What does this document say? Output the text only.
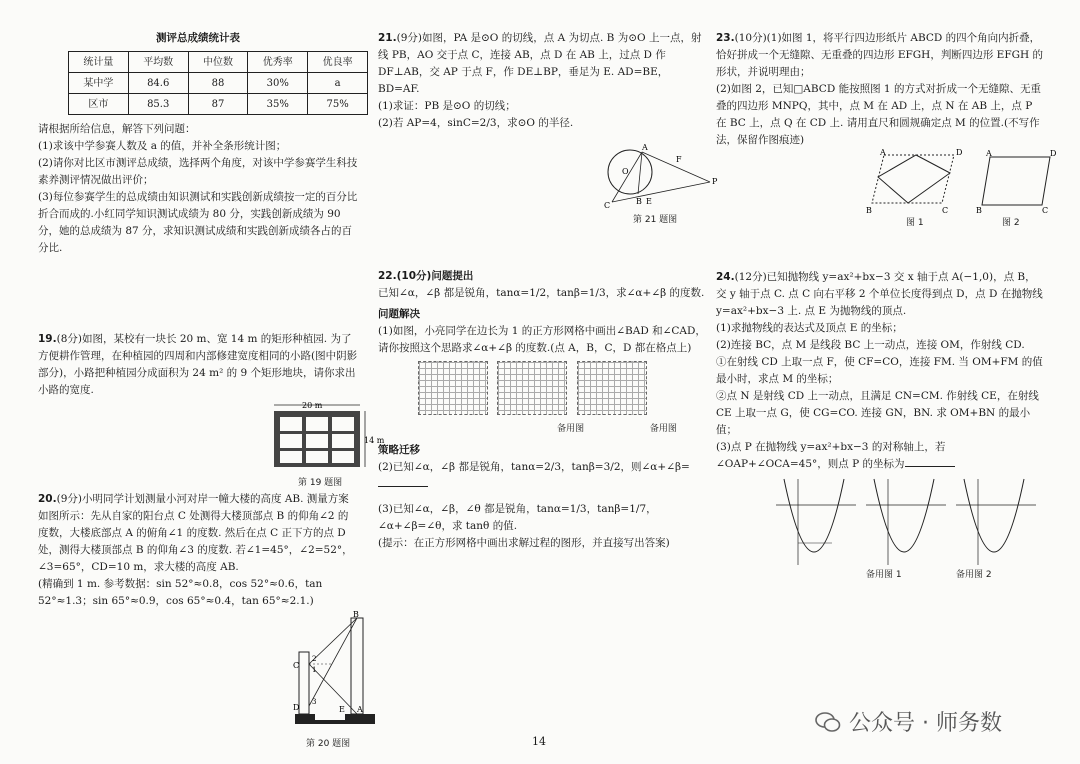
测评总成绩统计表
统计量	平均数	中位数	优秀率	优良率
某中学	84.6	88	30%	a
区市	85.3	87	35%	75%

请根据所给信息，解答下列问题：

(1)求该中学参赛人数及 a 的值，并补全条形统计图；

(2)请你对比区市测评总成绩，选择两个角度，对该中学参赛学生科技素养测评情况做出评价；

(3)每位参赛学生的总成绩由知识测试和实践创新成绩按一定的百分比折合而成的.小红同学知识测试成绩为 80 分，实践创新成绩为 90 分，她的总成绩为 87 分，求知识测试成绩和实践创新成绩各占的百分比.

19.(8分)如图，某校有一块长 20 m、宽 14 m 的矩形种植园. 为了方便耕作管理，在种植园的四周和内部修建宽度相同的小路(图中阴影部分)，小路把种植园分成面积为 24 m² 的 9 个矩形地块，请你求出小路的宽度.

20 m
14 m
第 19 题图

20.(9分)小明同学计划测量小河对岸一幢大楼的高度 AB. 测量方案如图所示：先从自家的阳台点 C 处测得大楼顶部点 B 的仰角∠2 的度数，大楼底部点 A 的俯角∠1 的度数. 然后在点 C 正下方的点 D 处，测得大楼顶部点 B 的仰角∠3 的度数. 若∠1=45°，∠2=52°，∠3=65°，CD=10 m，求大楼的高度 AB.

(精确到 1 m. 参考数据：sin 52°≈0.8，cos 52°≈0.6，tan 52°≈1.3；sin 65°≈0.9，cos 65°≈0.4，tan 65°≈2.1.)

B
C
D	A
E
2
1
3
第 20 题图

21.(9分)如图，PA 是⊙O 的切线，点 A 为切点. B 为⊙O 上一点，射线 PB，AO 交于点 C，连接 AB，点 D 在 AB 上，过点 D 作 DF⊥AB，交 AP 于点 F，作 DE⊥BP，垂足为 E. AD=BE，BD=AF.

(1)求证：PB 是⊙O 的切线；

(2)若 AP=4，sinC=2/3，求⊙O 的半径.

A
P
C
O
F
B E
第 21 题图

22.(10分)问题提出

已知∠α，∠β 都是锐角，tanα=1/2，tanβ=1/3，求∠α+∠β 的度数.

问题解决

(1)如图，小亮同学在边长为 1 的正方形网格中画出∠BAD 和∠CAD，请你按照这个思路求∠α+∠β 的度数.(点 A，B，C，D 都在格点上)

备用图	备用图

策略迁移

(2)已知∠α，∠β 都是锐角，tanα=2/3，tanβ=3/2，则∠α+∠β=

(3)已知∠α，∠β，∠θ 都是锐角，tanα=1/3，tanβ=1/7，∠α+∠β=∠θ，求 tanθ 的值.

(提示：在正方形网格中画出求解过程的图形，并直接写出答案)

23.(10分)(1)如图 1，将平行四边形纸片 ABCD 的四个角向内折叠，恰好拼成一个无缝隙、无重叠的四边形 EFGH，判断四边形 EFGH 的形状，并说明理由；

(2)如图 2，已知□ABCD 能按照图 1 的方式对折成一个无缝隙、无重叠的四边形 MNPQ，其中，点 M 在 AD 上，点 N 在 AB 上，点 P 在 BC 上，点 Q 在 CD 上. 请用直尺和圆规确定点 M 的位置.(不写作法，保留作图痕迹)

A	D
B	C
图 1
A	D
B	C
图 2

24.(12分)已知抛物线 y=ax²+bx−3 交 x 轴于点 A(−1,0)，点 B，交 y 轴于点 C. 点 C 向右平移 2 个单位长度得到点 D，点 D 在抛物线 y=ax²+bx−3 上. 点 E 为抛物线的顶点.

(1)求抛物线的表达式及顶点 E 的坐标；

(2)连接 BC，点 M 是线段 BC 上一动点，连接 OM，作射线 CD.

①在射线 CD 上取一点 F，使 CF=CO，连接 FM. 当 OM+FM 的值最小时，求点 M 的坐标；

②点 N 是射线 CD 上一动点，且满足 CN=CM. 作射线 CE，在射线 CE 上取一点 G，使 CG=CO. 连接 GN，BN. 求 OM+BN 的最小值；

(3)点 P 在抛物线 y=ax²+bx−3 的对称轴上，若∠OAP+∠OCA=45°，则点 P 的坐标为

备用图 1	备用图 2
14
公众号 · 师务数
